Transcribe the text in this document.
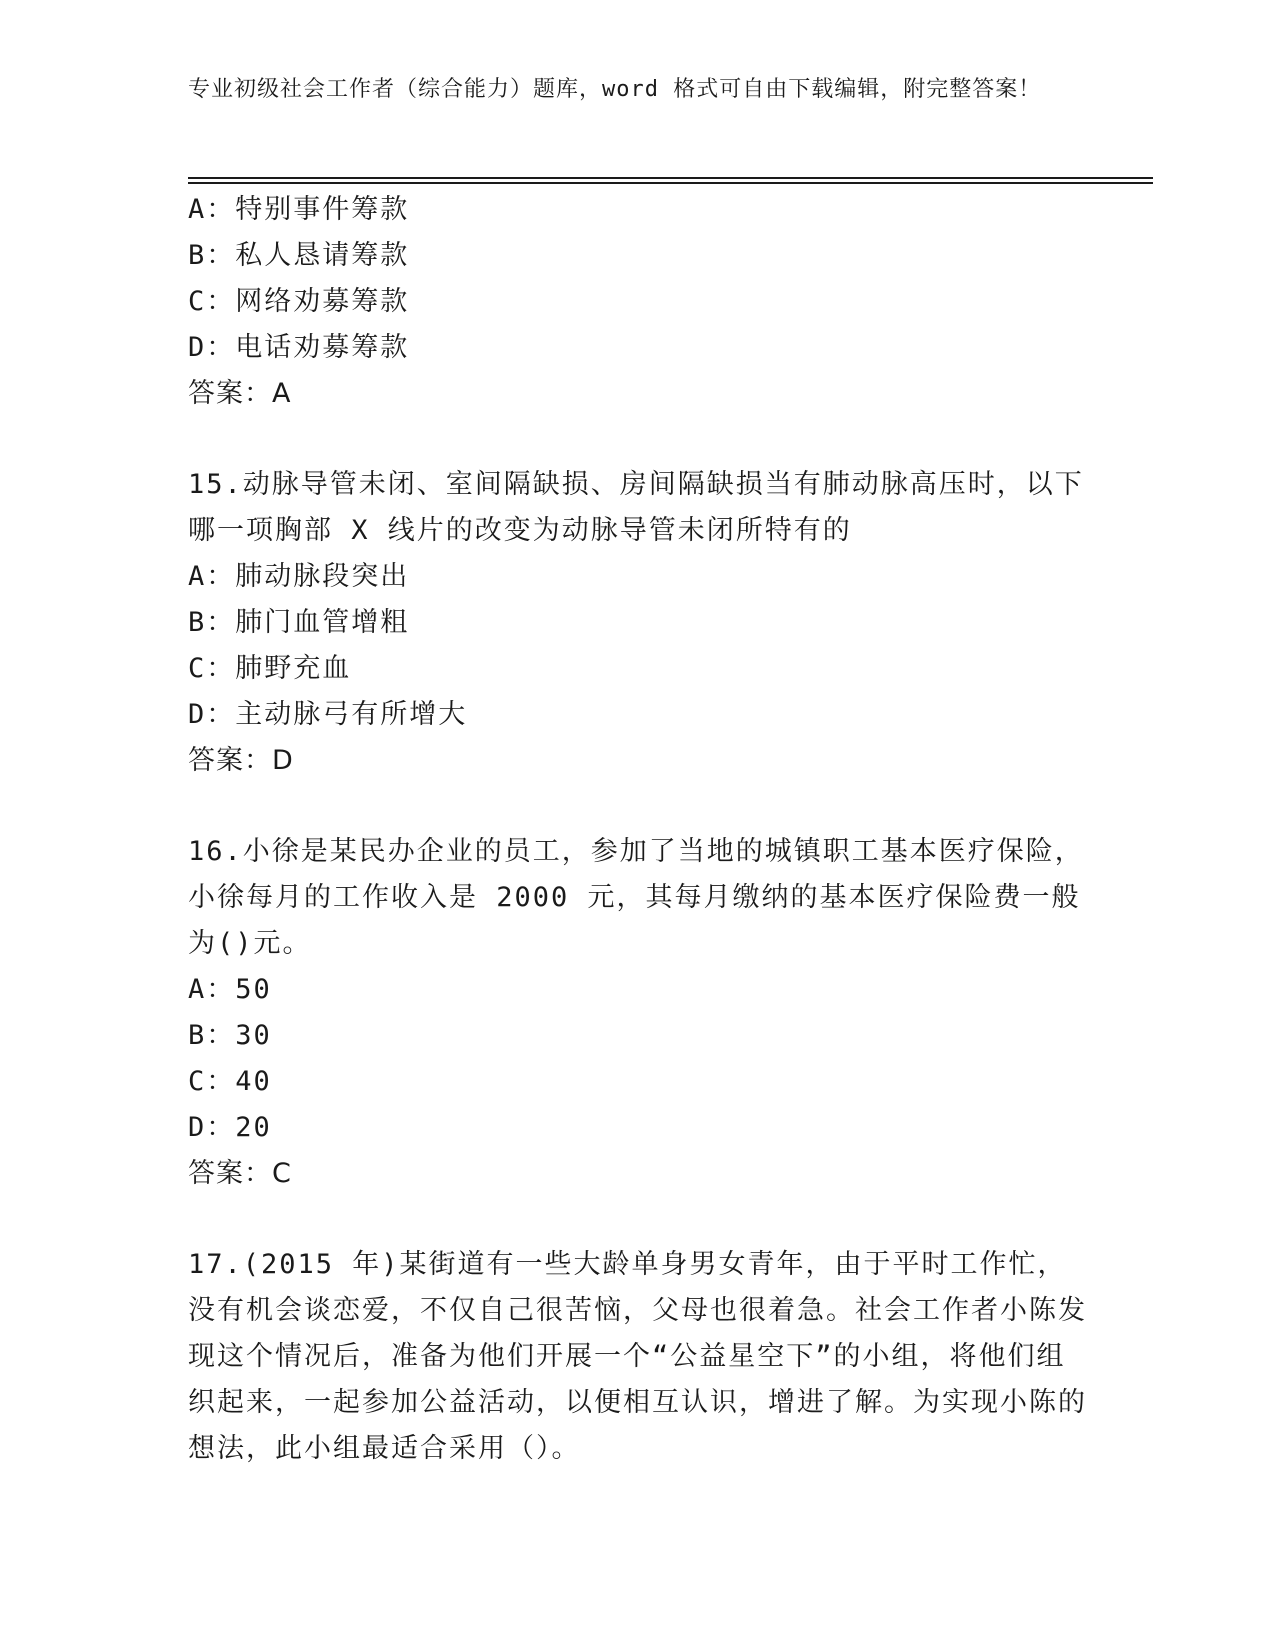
专业初级社会工作者（综合能力）题库，word 格式可自由下载编辑，附完整答案！
A：特别事件筹款
B：私人恳请筹款
C：网络劝募筹款
D：电话劝募筹款
答案：A
15.动脉导管未闭、室间隔缺损、房间隔缺损当有肺动脉高压时，以下哪一项胸部 X 线片的改变为动脉导管未闭所特有的
A：肺动脉段突出
B：肺门血管增粗
C：肺野充血
D：主动脉弓有所增大
答案：D
16.小徐是某民办企业的员工，参加了当地的城镇职工基本医疗保险，小徐每月的工作收入是 2000 元，其每月缴纳的基本医疗保险费一般为()元。
A：50
B：30
C：40
D：20
答案：C
17.(2015 年)某街道有一些大龄单身男女青年，由于平时工作忙，没有机会谈恋爱，不仅自己很苦恼，父母也很着急。社会工作者小陈发现这个情况后，准备为他们开展一个“公益星空下”的小组，将他们组织起来，一起参加公益活动，以便相互认识，增进了解。为实现小陈的想法，此小组最适合采用（）。
